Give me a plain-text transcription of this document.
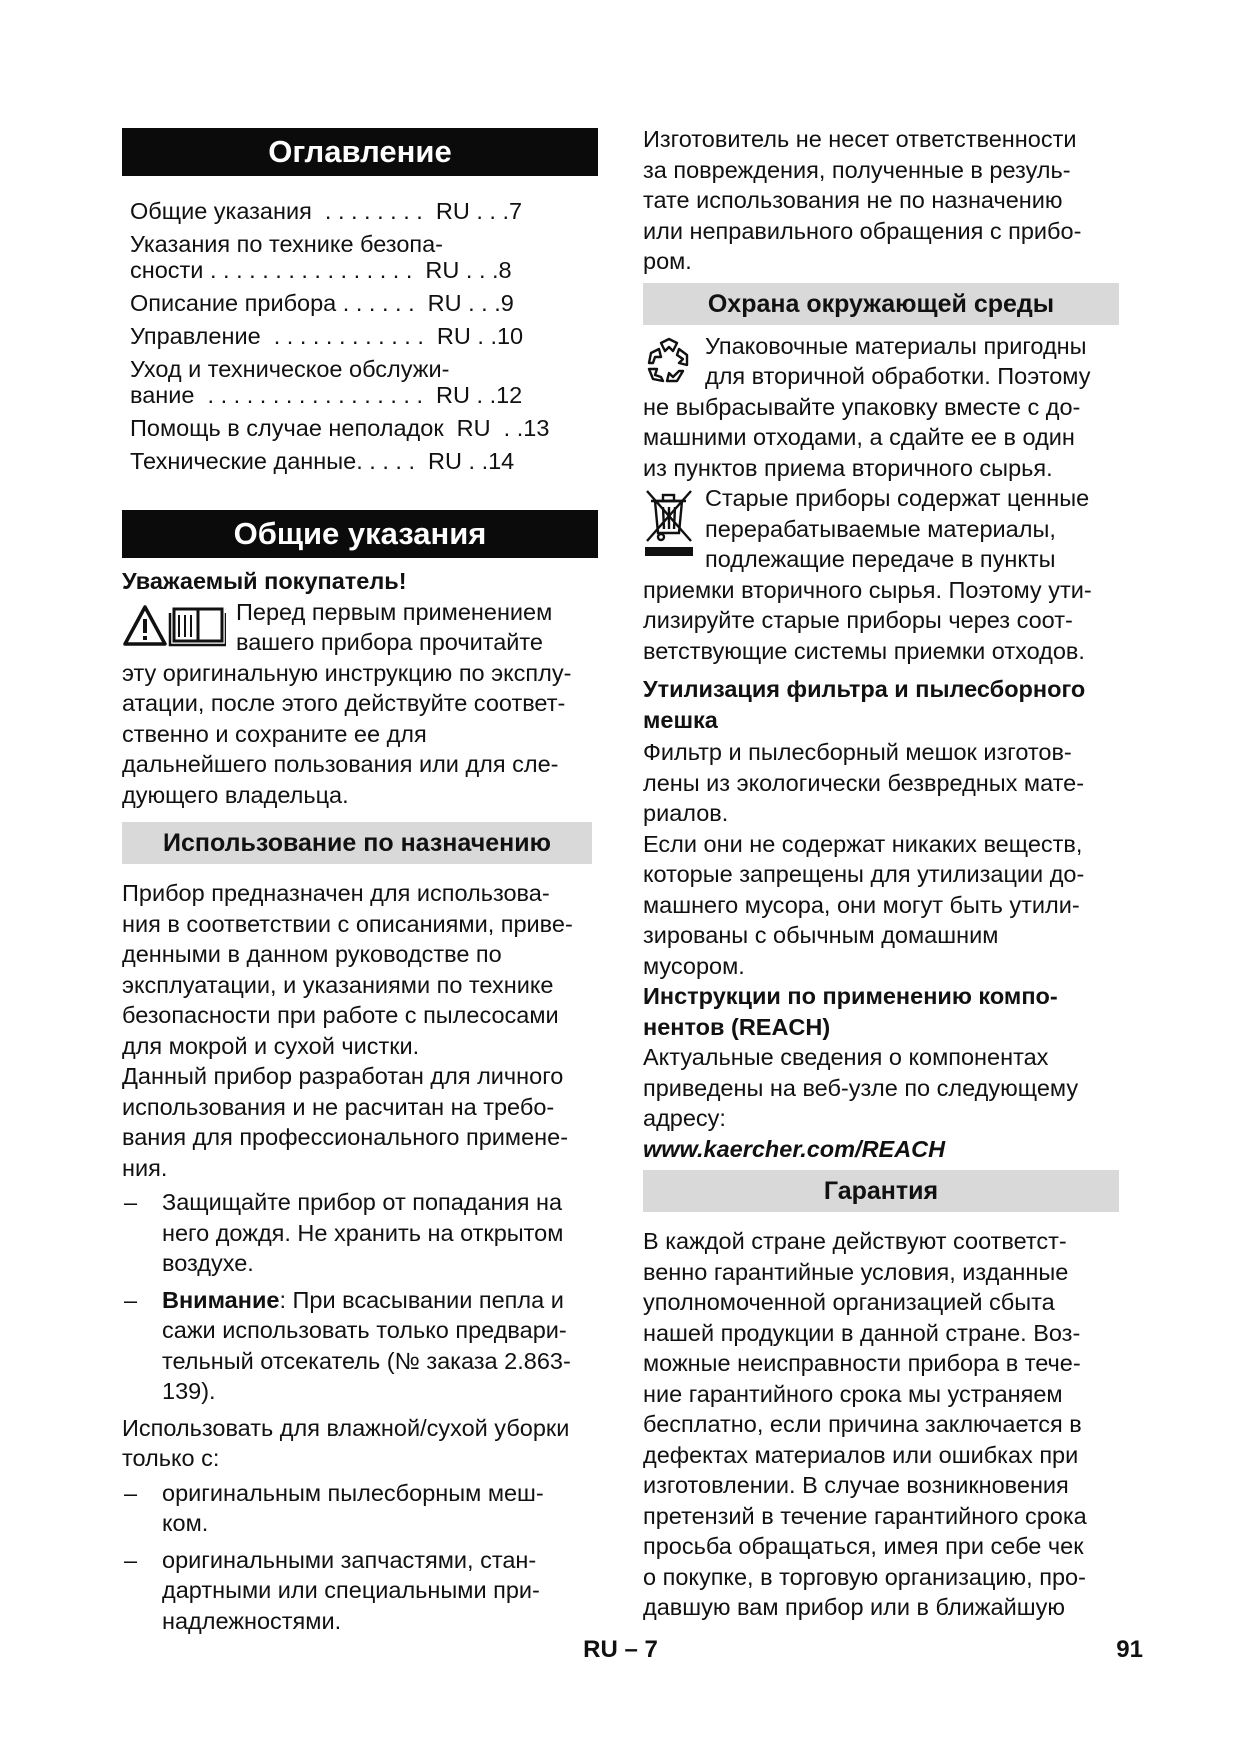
Оглавление
Общие указания  . . . . . . . .  RU . . .7
Указания по технике безопа-
сности . . . . . . . . . . . . . . . .  RU . . .8
Описание прибора . . . . . .  RU . . .9
Управление  . . . . . . . . . . . .  RU . .10
Уход и техническое обслужи-
вание  . . . . . . . . . . . . . . . . .  RU . .12
Помощь в случае неполадок  RU  . .13
Технические данные. . . . .  RU . .14
Общие указания

Уважаемый покупатель!

Перед первым применением
вашего прибора прочитайте
эту оригинальную инструкцию по эксплу-
атации, после этого действуйте соответ-
ственно и сохраните ее для
дальнейшего пользования или для сле-
дующего владельца.

Использование по назначению

Прибор предназначен для использова-
ния в соответствии с описаниями, приве-
денными в данном руководстве по
эксплуатации, и указаниями по технике
безопасности при работе с пылесосами
для мокрой и сухой чистки.

Данный прибор разработан для личного
использования и не расчитан на требо-
вания для профессионального примене-
ния.

– Защищайте прибор от попадания на
него дождя. Не хранить на открытом
воздухе.
– Внимание: При всасывании пепла и
сажи использовать только предвари-
тельный отсекатель (№ заказа 2.863-
139).

Использовать для влажной/сухой уборки
только с:

– оригинальным пылесборным меш-
ком.
– оригинальными запчастями, стан-
дартными или специальными при-
надлежностями.

Изготовитель не несет ответственности
за повреждения, полученные в резуль-
тате использования не по назначению
или неправильного обращения с прибо-
ром.

Охрана окружающей среды

Упаковочные материалы пригодны
для вторичной обработки. Поэтому
не выбрасывайте упаковку вместе с до-
машними отходами, а сдайте ее в один
из пунктов приема вторичного сырья.

Старые приборы содержат ценные
перерабатываемые материалы,
подлежащие передаче в пункты
приемки вторичного сырья. Поэтому ути-
лизируйте старые приборы через соот-
ветствующие системы приемки отходов.

Утилизация фильтра и пылесборного
мешка

Фильтр и пылесборный мешок изготов-
лены из экологически безвредных мате-
риалов.

Если они не содержат никаких веществ,
которые запрещены для утилизации до-
машнего мусора, они могут быть утили-
зированы с обычным домашним
мусором.

Инструкции по применению компо-
нентов (REACH)

Актуальные сведения о компонентах
приведены на веб-узле по следующему
адресу:

www.kaercher.com/REACH
Гарантия

В каждой стране действуют соответст-
венно гарантийные условия, изданные
уполномоченной организацией сбыта
нашей продукции в данной стране. Воз-
можные неисправности прибора в тече-
ние гарантийного срока мы устраняем
бесплатно, если причина заключается в
дефектах материалов или ошибках при
изготовлении. В случае возникновения
претензий в течение гарантийного срока
просьба обращаться, имея при себе чек
о покупке, в торговую организацию, про-
давшую вам прибор или в ближайшую

RU – 7	91
